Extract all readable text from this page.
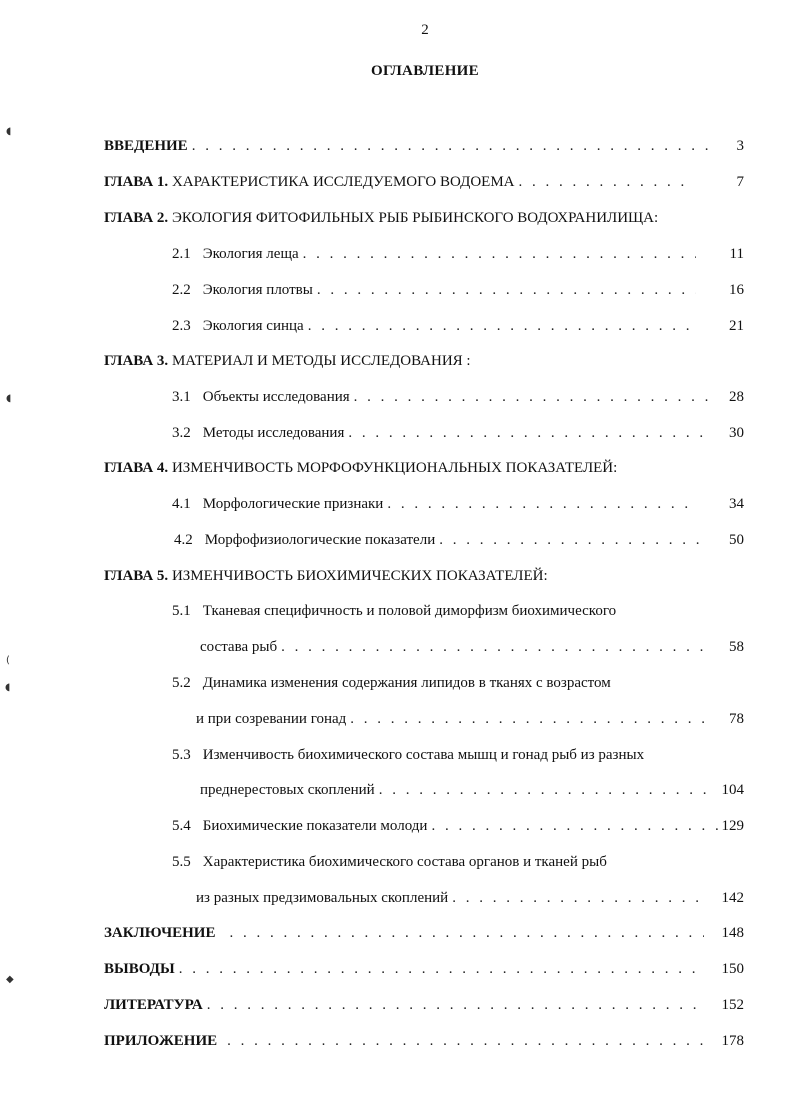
2
ОГЛАВЛЕНИЕ
ВВЕДЕНИЕ . . .	3
ГЛАВА 1. ХАРАКТЕРИСТИКА ИССЛЕДУЕМОГО ВОДОЕМА . . .	7
ГЛАВА 2. ЭКОЛОГИЯ ФИТОФИЛЬНЫХ РЫБ РЫБИНСКОГО ВОДОХРАНИЛИЩА:
2.1 Экология леща . . .	11
2.2 Экология плотвы . . .	16
2.3 Экология синца . . .	21
ГЛАВА 3. МАТЕРИАЛ И МЕТОДЫ ИССЛЕДОВАНИЯ :
3.1 Объекты исследования . . .	28
3.2 Методы исследования . . .	30
ГЛАВА 4. ИЗМЕНЧИВОСТЬ МОРФОФУНКЦИОНАЛЬНЫХ ПОКАЗАТЕЛЕЙ:
4.1 Морфологические признаки . . .	34
4.2 Морфофизиологические показатели . . .	50
ГЛАВА 5. ИЗМЕНЧИВОСТЬ БИОХИМИЧЕСКИХ ПОКАЗАТЕЛЕЙ:
5.1 Тканевая специфичность и половой диморфизм биохимического
состава рыб . . .	58
5.2 Динамика изменения содержания липидов в тканях с возрастом
и при созревании гонад . . .	78
5.3 Изменчивость биохимического состава мышц и гонад рыб из разных
преднерестовых скоплений . . .	104
5.4 Биохимические показатели молоди . . .	129
5.5 Характеристика биохимического состава органов и тканей рыб
из разных предзимовальных скоплений . . .	142
ЗАКЛЮЧЕНИЕ . . .	148
ВЫВОДЫ . . .	150
ЛИТЕРАТУРА . . .	152
ПРИЛОЖЕНИЕ . . .	178
◖
◖
(
◖
◆
